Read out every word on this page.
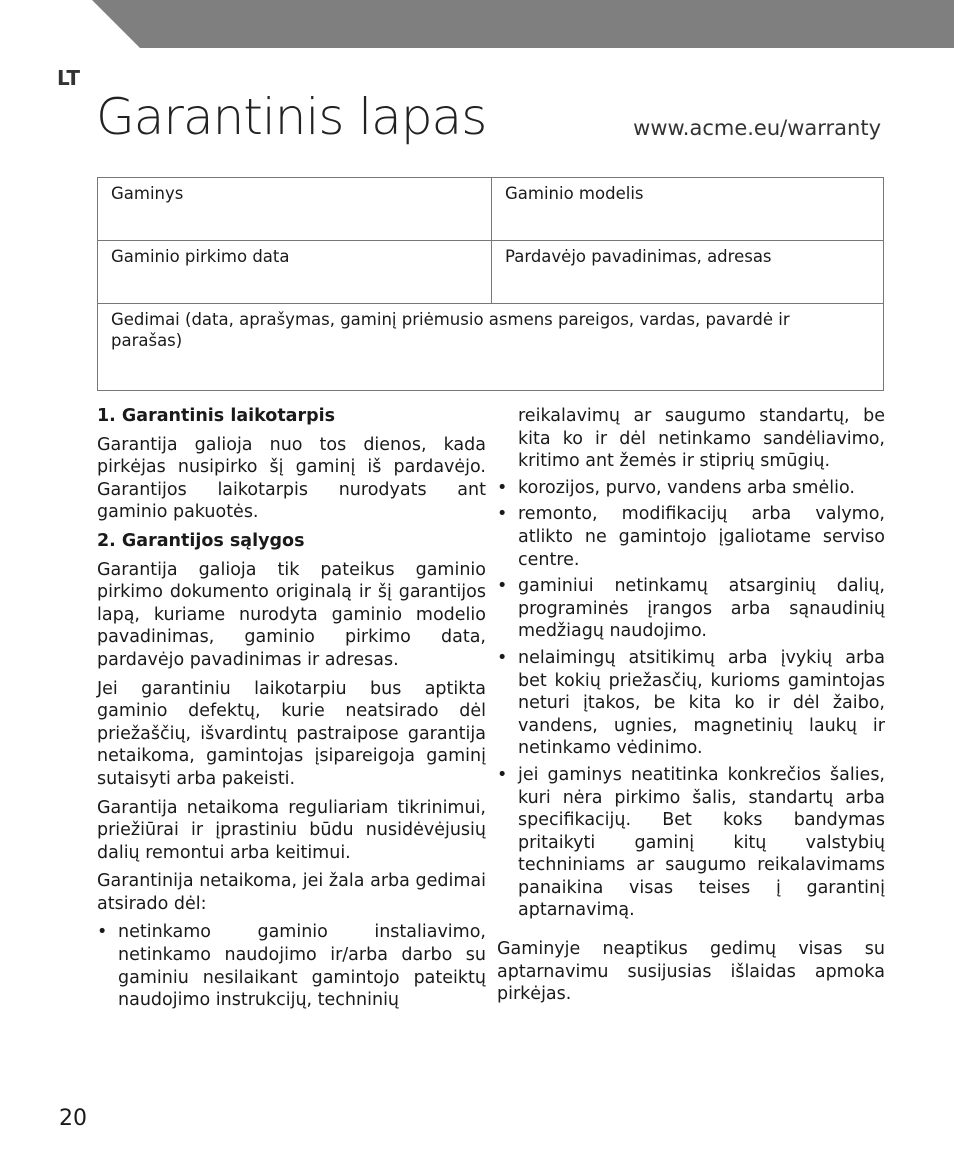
LT
Garantinis lapas	www.acme.eu/warranty
Gaminys	Gaminio modelis
Gaminio pirkimo data	Pardavėjo pavadinimas, adresas
Gedimai (data, aprašymas, gaminį priėmusio asmens pareigos, vardas, pavardė ir parašas)
1. Garantinis laikotarpis

Garantija galioja nuo tos dienos, kada pirkėjas nusipirko šį gaminį iš pardavėjo. Garantijos laikotarpis nurodyats ant gaminio pakuotės.

2. Garantijos sąlygos

Garantija galioja tik pateikus gaminio pirkimo dokumento originalą ir šį garantijos lapą, kuriame nurodyta gaminio modelio pavadinimas, gaminio pirkimo data, pardavėjo pavadinimas ir adresas.

Jei garantiniu laikotarpiu bus aptikta gaminio defektų, kurie neatsirado dėl priežaščių, išvardintų pastraipose garantija netaikoma, gamintojas įsipareigoja gaminį sutaisyti arba pakeisti.

Garantija netaikoma reguliariam tikrinimui, priežiūrai ir įprastiniu būdu nusidėvėjusių dalių remontui arba keitimui.

Garantinija netaikoma, jei žala arba gedimai atsirado dėl:

• netinkamo gaminio instaliavimo, netinkamo naudojimo ir/arba darbo su gaminiu nesilaikant gamintojo pateiktų naudojimo instrukcijų, techninių
reikalavimų ar saugumo standartų, be kita ko ir dėl netinkamo sandėliavimo, kritimo ant žemės ir stiprių smūgių.
• korozijos, purvo, vandens arba smėlio.
• remonto, modifikacijų arba valymo, atlikto ne gamintojo įgaliotame serviso centre.
• gaminiui netinkamų atsarginių dalių, programinės įrangos arba sąnaudinių medžiagų naudojimo.
• nelaimingų atsitikimų arba įvykių arba bet kokių priežasčių, kurioms gamintojas neturi įtakos, be kita ko ir dėl žaibo, vandens, ugnies, magnetinių laukų ir netinkamo vėdinimo.
• jei gaminys neatitinka konkrečios šalies, kuri nėra pirkimo šalis, standartų arba specifikacijų. Bet koks bandymas pritaikyti gaminį kitų valstybių techniniams ar saugumo reikalavimams panaikina visas teises į garantinį aptarnavimą.

Gaminyje neaptikus gedimų visas su aptarnavimu susijusias išlaidas apmoka pirkėjas.

20
